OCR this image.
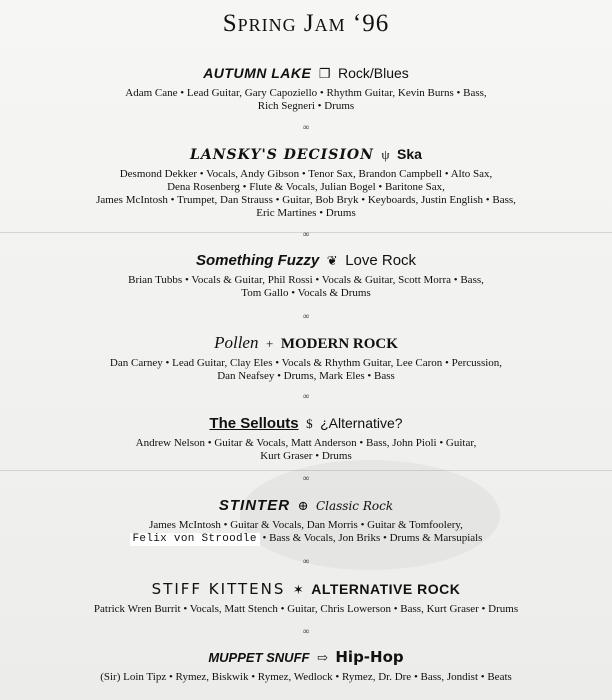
Spring Jam ‘96
AUTUMN LAKE ❒ Rock/Blues
Adam Cane • Lead Guitar, Gary Capoziello • Rhythm Guitar, Kevin Burns • Bass,
Rich Segneri • Drums
∞
LANSKY'S DECISION ψ Ska
Desmond Dekker • Vocals, Andy Gibson • Tenor Sax, Brandon Campbell • Alto Sax,
Dena Rosenberg • Flute & Vocals, Julian Bogel • Baritone Sax,
James McIntosh • Trumpet, Dan Strauss • Guitar, Bob Bryk • Keyboards, Justin English • Bass,
Eric Martines • Drums
∞
Something Fuzzy ❦ Love Rock
Brian Tubbs • Vocals & Guitar, Phil Rossi • Vocals & Guitar, Scott Morra • Bass,
Tom Gallo • Vocals & Drums
∞
Pollen + MODERN ROCK
Dan Carney • Lead Guitar, Clay Eles • Vocals & Rhythm Guitar, Lee Caron • Percussion,
Dan Neafsey • Drums, Mark Eles • Bass
∞
The Sellouts $ ¿Alternative?
Andrew Nelson • Guitar & Vocals, Matt Anderson • Bass, John Pioli • Guitar,
Kurt Graser • Drums
∞
STINTER ⊕ Classic Rock
James McIntosh • Guitar & Vocals, Dan Morris • Guitar & Tomfoolery,
Felix von Stroodle • Bass & Vocals, Jon Briks • Drums & Marsupials
∞
STIFF KITTENS ✶ ALTERNATIVE ROCK
Patrick Wren Burrit • Vocals, Matt Stench • Guitar, Chris Lowerson • Bass, Kurt Graser • Drums
∞
MUPPET SNUFF ⇨ Hip-Hop
(Sir) Loin Tipz • Rymez, Biskwik • Rymez, Wedlock • Rymez, Dr. Dre • Bass, Jondist • Beats
